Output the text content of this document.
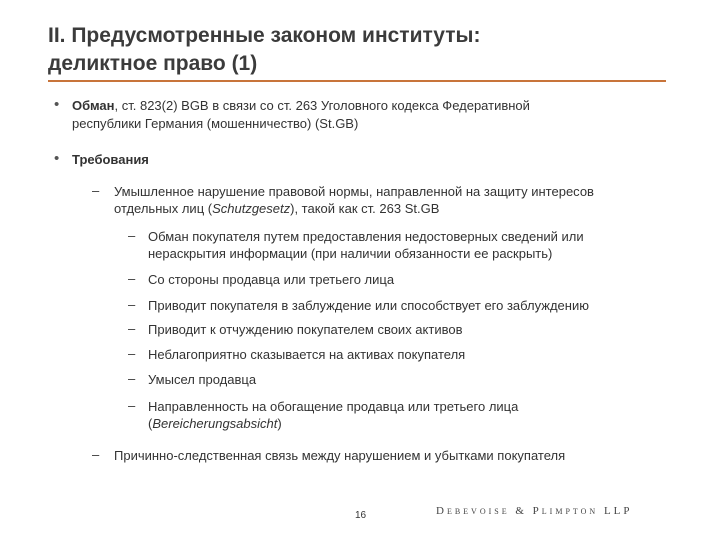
II. Предусмотренные законом институты:
деликтное право (1)
• Обман, ст. 823(2) BGB в связи со ст. 263 Уголовного кодекса Федеративной
республики Германия (мошенничество) (St.GB)
• Требования
– Умышленное нарушение правовой нормы, направленной на защиту интересов
отдельных лиц (Schutzgesetz), такой как ст. 263 St.GB
– Обман покупателя путем предоставления недостоверных сведений или
нераскрытия информации (при наличии обязанности ее раскрыть)
– Со стороны продавца или третьего лица
– Приводит покупателя в заблуждение или способствует его заблуждению
– Приводит к отчуждению покупателем своих активов
– Неблагоприятно сказывается на активах покупателя
– Умысел продавца
– Направленность на обогащение продавца или третьего лица
(Bereicherungsabsicht)
– Причинно-следственная связь между нарушением и убытками покупателя
16	Debevoise & Plimpton LLP
